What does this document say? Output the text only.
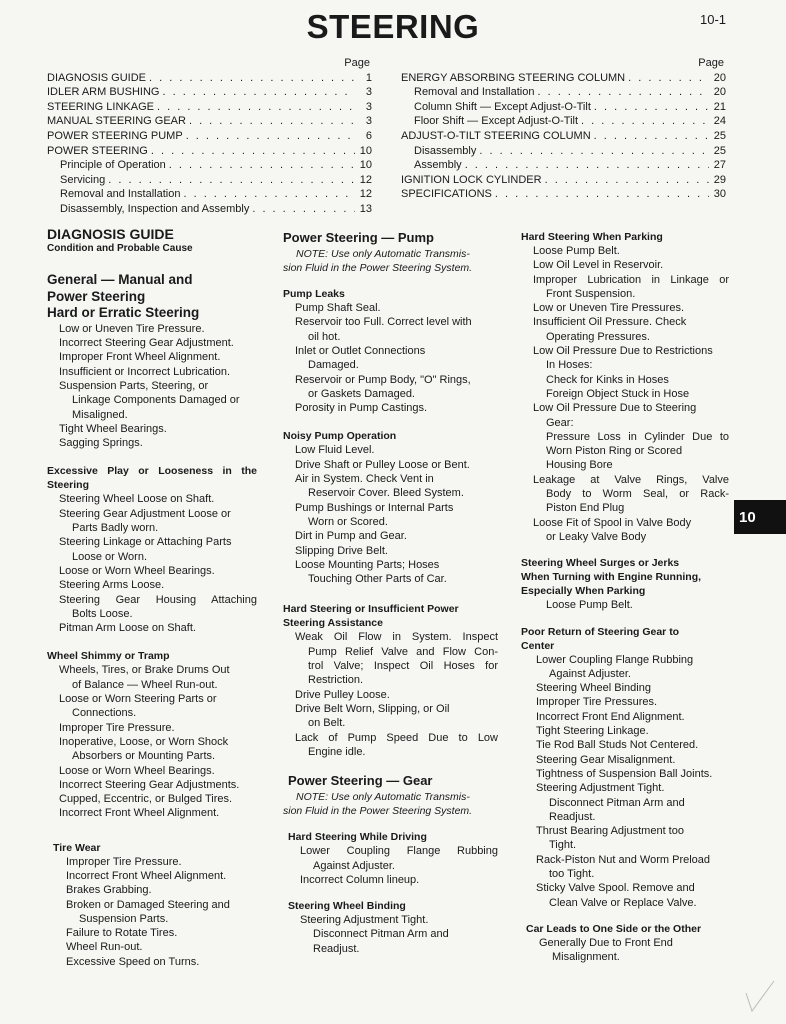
STEERING	10-1
Page
DIAGNOSIS GUIDE . . .	1
IDLER ARM BUSHING . . .	3
STEERING LINKAGE . . .	3
MANUAL STEERING GEAR . . .	3
POWER STEERING PUMP . . .	6
POWER STEERING . . .	10
Principle of Operation . . .	10
Servicing . . .	12
Removal and Installation . . .	12
Disassembly, Inspection and Assembly . . .	13
Page
ENERGY ABSORBING STEERING COLUMN . . .	20
Removal and Installation . . .	20
Column Shift — Except Adjust-O-Tilt . . .	21
Floor Shift — Except Adjust-O-Tilt . . .	24
ADJUST-O-TILT STEERING COLUMN . . .	25
Disassembly . . .	25
Assembly . . .	27
IGNITION LOCK CYLINDER . . .	29
SPECIFICATIONS . . .	30
DIAGNOSIS GUIDE
Condition and Probable Cause
General — Manual and
Power Steering
Hard or Erratic Steering
Low or Uneven Tire Pressure.
Incorrect Steering Gear Adjustment.
Improper Front Wheel Alignment.
Insufficient or Incorrect Lubrication.
Suspension Parts, Steering, or
Linkage Components Damaged or
Misaligned.
Tight Wheel Bearings.
Sagging Springs.
Excessive Play or Looseness in the
Steering
Steering Wheel Loose on Shaft.
Steering Gear Adjustment Loose or
Parts Badly worn.
Steering Linkage or Attaching Parts
Loose or Worn.
Loose or Worn Wheel Bearings.
Steering Arms Loose.
Steering Gear Housing Attaching
Bolts Loose.
Pitman Arm Loose on Shaft.
Wheel Shimmy or Tramp
Wheels, Tires, or Brake Drums Out
of Balance — Wheel Run-out.
Loose or Worn Steering Parts or
Connections.
Improper Tire Pressure.
Inoperative, Loose, or Worn Shock
Absorbers or Mounting Parts.
Loose or Worn Wheel Bearings.
Incorrect Steering Gear Adjustments.
Cupped, Eccentric, or Bulged Tires.
Incorrect Front Wheel Alignment.
Tire Wear
Improper Tire Pressure.
Incorrect Front Wheel Alignment.
Brakes Grabbing.
Broken or Damaged Steering and
Suspension Parts.
Failure to Rotate Tires.
Wheel Run-out.
Excessive Speed on Turns.
Power Steering — Pump
NOTE: Use only Automatic Transmis-
sion Fluid in the Power Steering System.
Pump Leaks
Pump Shaft Seal.
Reservoir too Full. Correct level with
oil hot.
Inlet or Outlet Connections
Damaged.
Reservoir or Pump Body, "O" Rings,
or Gaskets Damaged.
Porosity in Pump Castings.
Noisy Pump Operation
Low Fluid Level.
Drive Shaft or Pulley Loose or Bent.
Air in System. Check Vent in
Reservoir Cover. Bleed System.
Pump Bushings or Internal Parts
Worn or Scored.
Dirt in Pump and Gear.
Slipping Drive Belt.
Loose Mounting Parts; Hoses
Touching Other Parts of Car.
Hard Steering or Insufficient Power
Steering Assistance
Weak Oil Flow in System. Inspect
Pump Relief Valve and Flow Con-
trol Valve; Inspect Oil Hoses for
Restriction.
Drive Pulley Loose.
Drive Belt Worn, Slipping, or Oil
on Belt.
Lack of Pump Speed Due to Low
Engine idle.
Power Steering — Gear
NOTE: Use only Automatic Transmis-
sion Fluid in the Power Steering System.
Hard Steering While Driving
Lower Coupling Flange Rubbing
Against Adjuster.
Incorrect Column lineup.
Steering Wheel Binding
Steering Adjustment Tight.
Disconnect Pitman Arm and
Readjust.
Hard Steering When Parking
Loose Pump Belt.
Low Oil Level in Reservoir.
Improper Lubrication in Linkage or
Front Suspension.
Low or Uneven Tire Pressures.
Insufficient Oil Pressure. Check
Operating Pressures.
Low Oil Pressure Due to Restrictions
In Hoses:
Check for Kinks in Hoses
Foreign Object Stuck in Hose
Low Oil Pressure Due to Steering
Gear:
Pressure Loss in Cylinder Due to
Worn Piston Ring or Scored
Housing Bore
Leakage at Valve Rings, Valve
Body to Worm Seal, or Rack-
Piston End Plug
Loose Fit of Spool in Valve Body
or Leaky Valve Body
Steering Wheel Surges or Jerks
When Turning with Engine Running,
Especially When Parking
Loose Pump Belt.
Poor Return of Steering Gear to
Center
Lower Coupling Flange Rubbing
Against Adjuster.
Steering Wheel Binding
Improper Tire Pressures.
Incorrect Front End Alignment.
Tight Steering Linkage.
Tie Rod Ball Studs Not Centered.
Steering Gear Misalignment.
Tightness of Suspension Ball Joints.
Steering Adjustment Tight.
Disconnect Pitman Arm and
Readjust.
Thrust Bearing Adjustment too
Tight.
Rack-Piston Nut and Worm Preload
too Tight.
Sticky Valve Spool. Remove and
Clean Valve or Replace Valve.
Car Leads to One Side or the Other
Generally Due to Front End
Misalignment.
10
